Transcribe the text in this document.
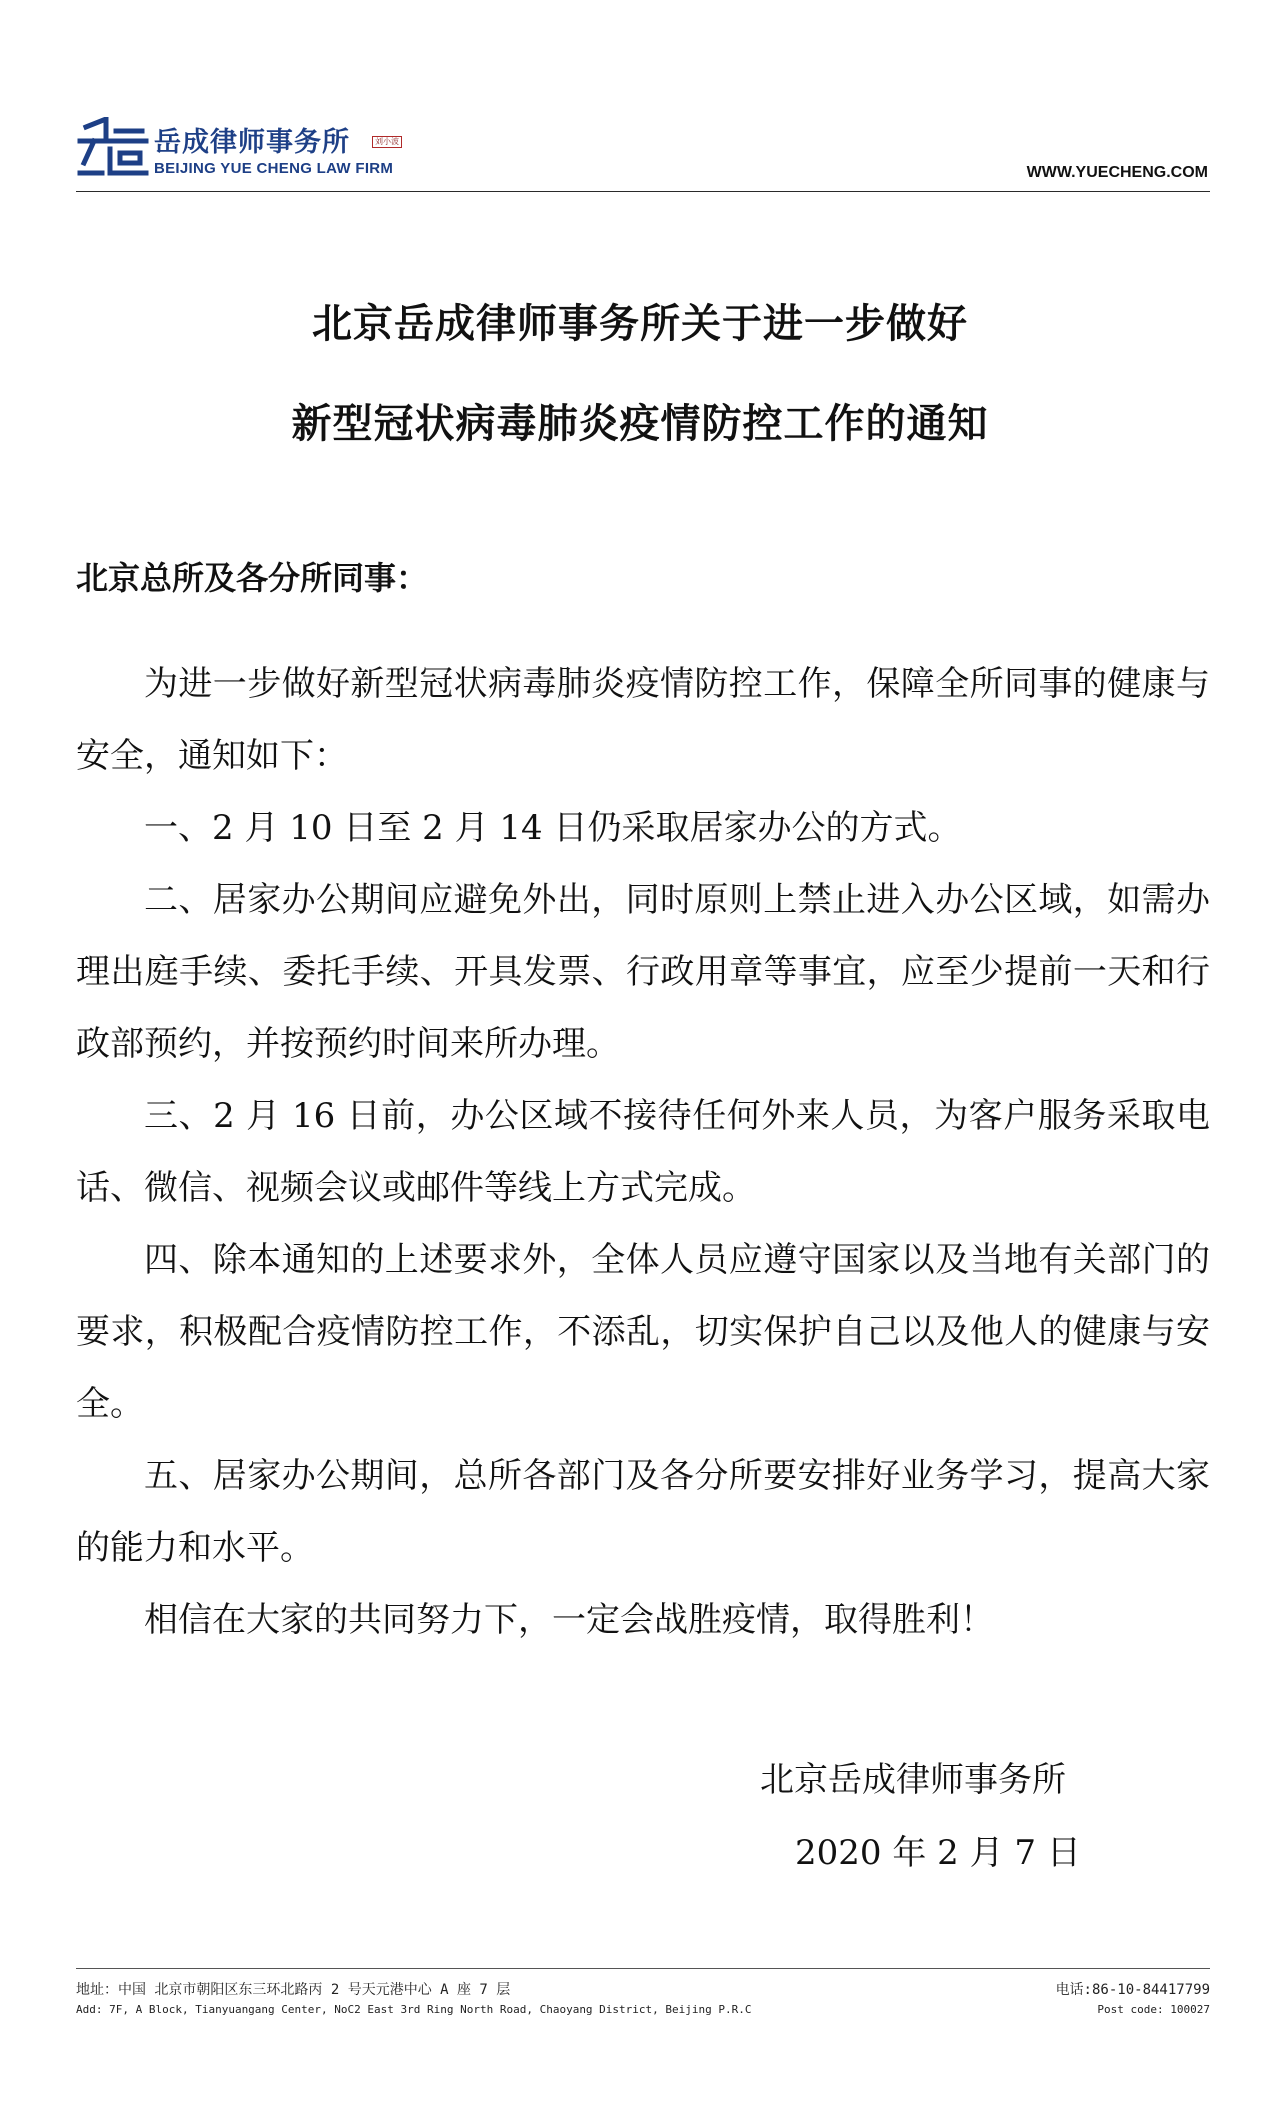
岳成律师事务所	刘小波
BEIJING YUE CHENG LAW FIRM	WWW.YUECHENG.COM
北京岳成律师事务所关于进一步做好
新型冠状病毒肺炎疫情防控工作的通知
北京总所及各分所同事：

为进一步做好新型冠状病毒肺炎疫情防控工作，保障全所同事的健康与安全，通知如下：

一、2 月 10 日至 2 月 14 日仍采取居家办公的方式。

二、居家办公期间应避免外出，同时原则上禁止进入办公区域，如需办理出庭手续、委托手续、开具发票、行政用章等事宜，应至少提前一天和行政部预约，并按预约时间来所办理。

三、2 月 16 日前，办公区域不接待任何外来人员，为客户服务采取电话、微信、视频会议或邮件等线上方式完成。

四、除本通知的上述要求外，全体人员应遵守国家以及当地有关部门的要求，积极配合疫情防控工作，不添乱，切实保护自己以及他人的健康与安全。

五、居家办公期间，总所各部门及各分所要安排好业务学习，提高大家的能力和水平。

相信在大家的共同努力下，一定会战胜疫情，取得胜利！

北京岳成律师事务所
2020 年 2 月 7 日
地址：中国 北京市朝阳区东三环北路丙 2 号天元港中心 A 座 7 层	电话:86-10-84417799
Add: 7F, A Block, Tianyuangang Center, NoC2 East 3rd Ring North Road, Chaoyang District, Beijing P.R.C	Post code: 100027
